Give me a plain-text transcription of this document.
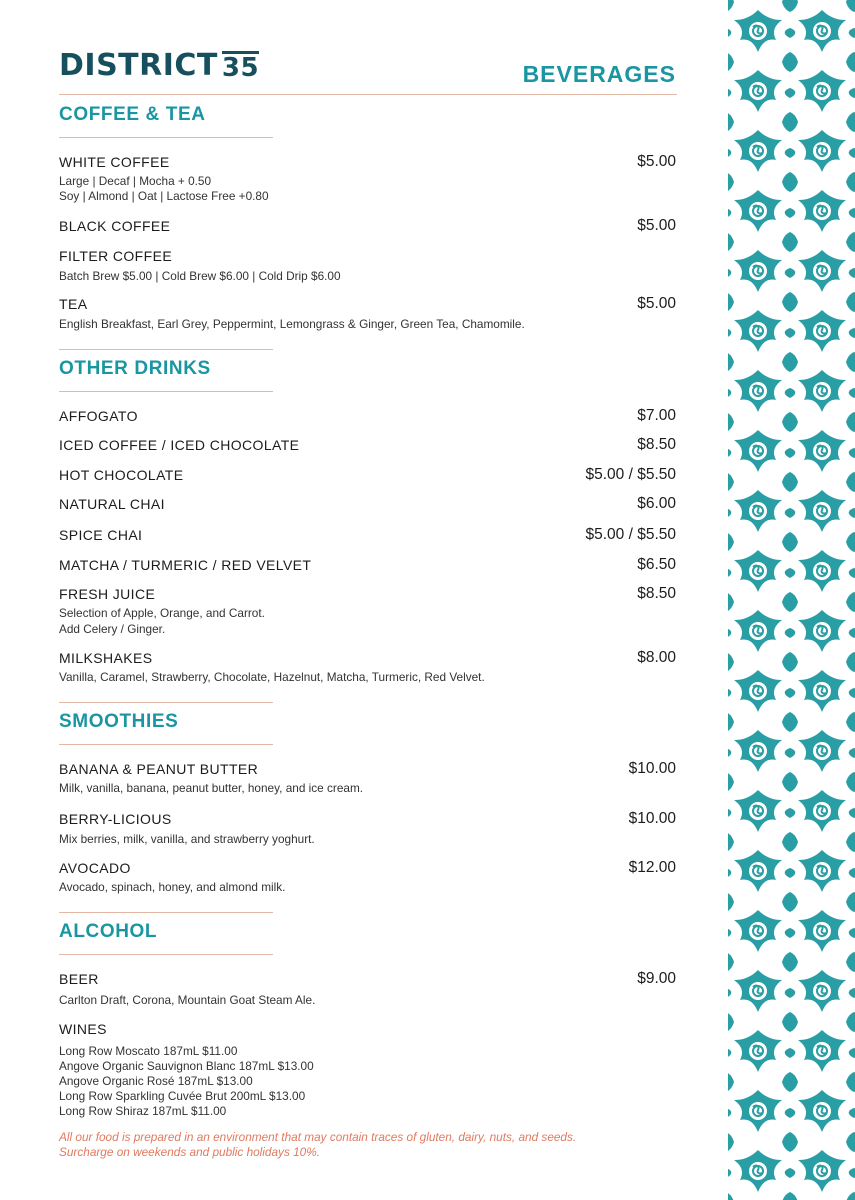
DISTRICT 35	BEVERAGES
COFFEE & TEA
WHITE COFFEE	$5.00
Large | Decaf | Mocha + 0.50
Soy | Almond | Oat | Lactose Free +0.80
BLACK COFFEE	$5.00
FILTER COFFEE
Batch Brew $5.00 | Cold Brew $6.00 | Cold Drip $6.00
TEA	$5.00
English Breakfast, Earl Grey, Peppermint, Lemongrass & Ginger, Green Tea, Chamomile.
OTHER DRINKS
AFFOGATO	$7.00
ICED COFFEE / ICED CHOCOLATE	$8.50
HOT CHOCOLATE	$5.00 / $5.50
NATURAL CHAI	$6.00
SPICE CHAI	$5.00 / $5.50
MATCHA / TURMERIC / RED VELVET	$6.50
FRESH JUICE	$8.50
Selection of Apple, Orange, and Carrot.
Add Celery / Ginger.
MILKSHAKES	$8.00
Vanilla, Caramel, Strawberry, Chocolate, Hazelnut, Matcha, Turmeric, Red Velvet.
SMOOTHIES
BANANA & PEANUT BUTTER	$10.00
Milk, vanilla, banana, peanut butter, honey, and ice cream.
BERRY-LICIOUS	$10.00
Mix berries, milk, vanilla, and strawberry yoghurt.
AVOCADO	$12.00
Avocado, spinach, honey, and almond milk.
ALCOHOL
BEER	$9.00
Carlton Draft, Corona, Mountain Goat Steam Ale.
WINES
Long Row Moscato 187mL $11.00
Angove Organic Sauvignon Blanc 187mL $13.00
Angove Organic Rosé 187mL $13.00
Long Row Sparkling Cuvée Brut 200mL $13.00
Long Row Shiraz 187mL $11.00
All our food is prepared in an environment that may contain traces of gluten, dairy, nuts, and seeds.
Surcharge on weekends and public holidays 10%.
